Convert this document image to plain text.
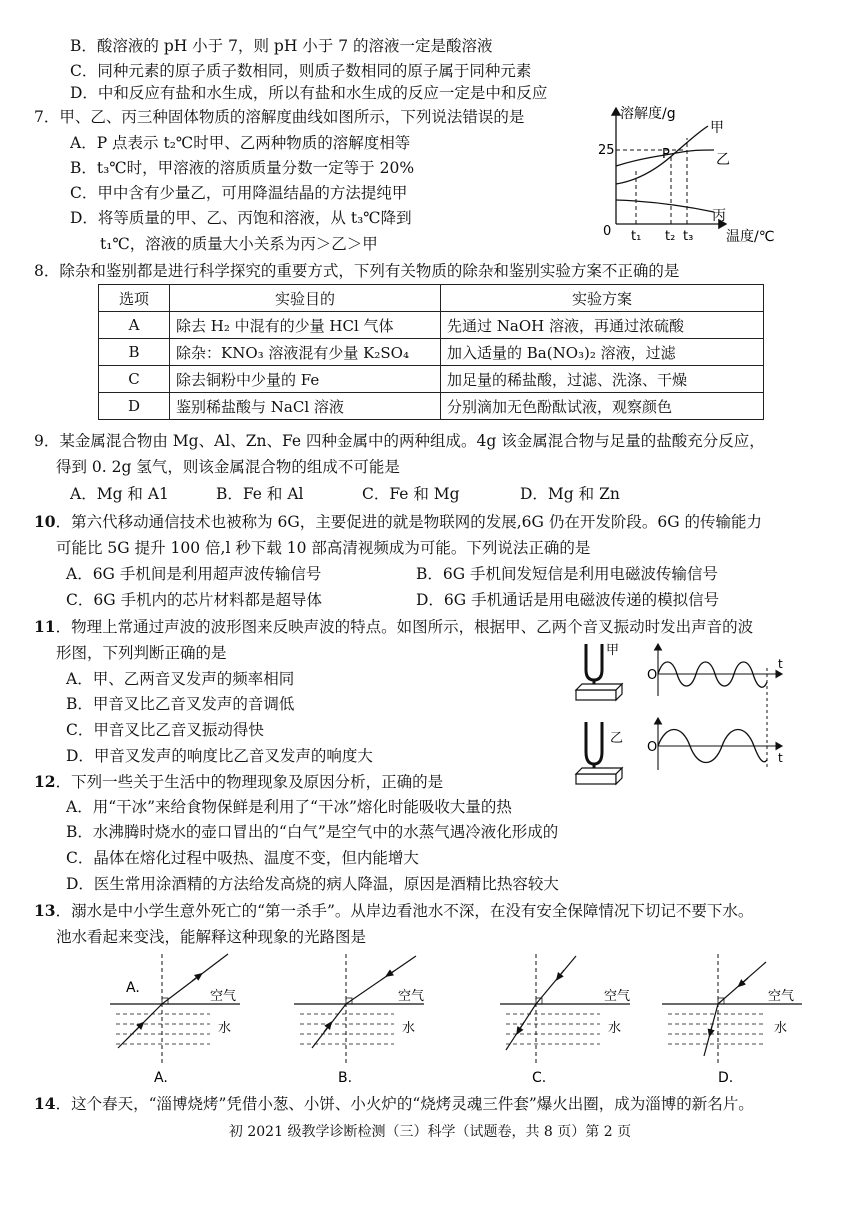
B．酸溶液的 pH 小于 7，则 pH 小于 7 的溶液一定是酸溶液
C．同种元素的原子质子数相同，则质子数相同的原子属于同种元素
D．中和反应有盐和水生成，所以有盐和水生成的反应一定是中和反应
7．甲、乙、丙三种固体物质的溶解度曲线如图所示，下列说法错误的是
A．P 点表示 t₂℃时甲、乙两种物质的溶解度相等
B．t₃℃时，甲溶液的溶质质量分数一定等于 20%
C．甲中含有少量乙，可用降温结晶的方法提纯甲
D．将等质量的甲、乙、丙饱和溶液，从 t₃℃降到
t₁℃，溶液的质量大小关系为丙＞乙＞甲
溶解度/g
温度/℃
0
25	P
甲
乙
丙
t₁ t₂ t₃
8．除杂和鉴别都是进行科学探究的重要方式，下列有关物质的除杂和鉴别实验方案不正确的是
选项	实验目的	实验方案
A	除去 H₂ 中混有的少量 HCl 气体	先通过 NaOH 溶液，再通过浓硫酸
B	除杂：KNO₃ 溶液混有少量 K₂SO₄	加入适量的 Ba(NO₃)₂ 溶液，过滤
C	除去铜粉中少量的 Fe	加足量的稀盐酸，过滤、洗涤、干燥
D	鉴别稀盐酸与 NaCl 溶液	分别滴加无色酚酞试液，观察颜色
9．某金属混合物由 Mg、Al、Zn、Fe 四种金属中的两种组成。4g 该金属混合物与足量的盐酸充分反应，
得到 0. 2g 氢气，则该金属混合物的组成不可能是
A．Mg 和 A1	B．Fe 和 Al	C．Fe 和 Mg	D．Mg 和 Zn
10．第六代移动通信技术也被称为 6G，主要促进的就是物联网的发展,6G 仍在开发阶段。6G 的传输能力
可能比 5G 提升 100 倍,l 秒下载 10 部高清视频成为可能。下列说法正确的是
A．6G 手机间是利用超声波传输信号	B．6G 手机间发短信是利用电磁波传输信号
C．6G 手机内的芯片材料都是超导体	D．6G 手机通话是用电磁波传递的模拟信号
11．物理上常通过声波的波形图来反映声波的特点。如图所示，根据甲、乙两个音叉振动时发出声音的波
形图，下列判断正确的是
A．甲、乙两音叉发声的频率相同
B．甲音叉比乙音叉发声的音调低
C．甲音叉比乙音叉振动得快
D．甲音叉发声的响度比乙音叉发声的响度大
甲
O
t
乙
O
t
12．下列一些关于生活中的物理现象及原因分析，正确的是
A．用“干冰”来给食物保鲜是利用了“干冰”熔化时能吸收大量的热
B．水沸腾时烧水的壶口冒出的“白气”是空气中的水蒸气遇冷液化形成的
C．晶体在熔化过程中吸热、温度不变，但内能增大
D．医生常用涂酒精的方法给发高烧的病人降温，原因是酒精比热容较大
13．溺水是中小学生意外死亡的“第一杀手”。从岸边看池水不深，在没有安全保障情况下切记不要下水。
池水看起来变浅，能解释这种现象的光路图是
A.
空气
水
A.
空气
水
B.
空气
水
C.
空气
水
D.
14．这个春天，“淄博烧烤”凭借小葱、小饼、小火炉的“烧烤灵魂三件套”爆火出圈，成为淄博的新名片。
初 2021 级教学诊断检测（三）科学（试题卷，共 8 页）第 2 页
